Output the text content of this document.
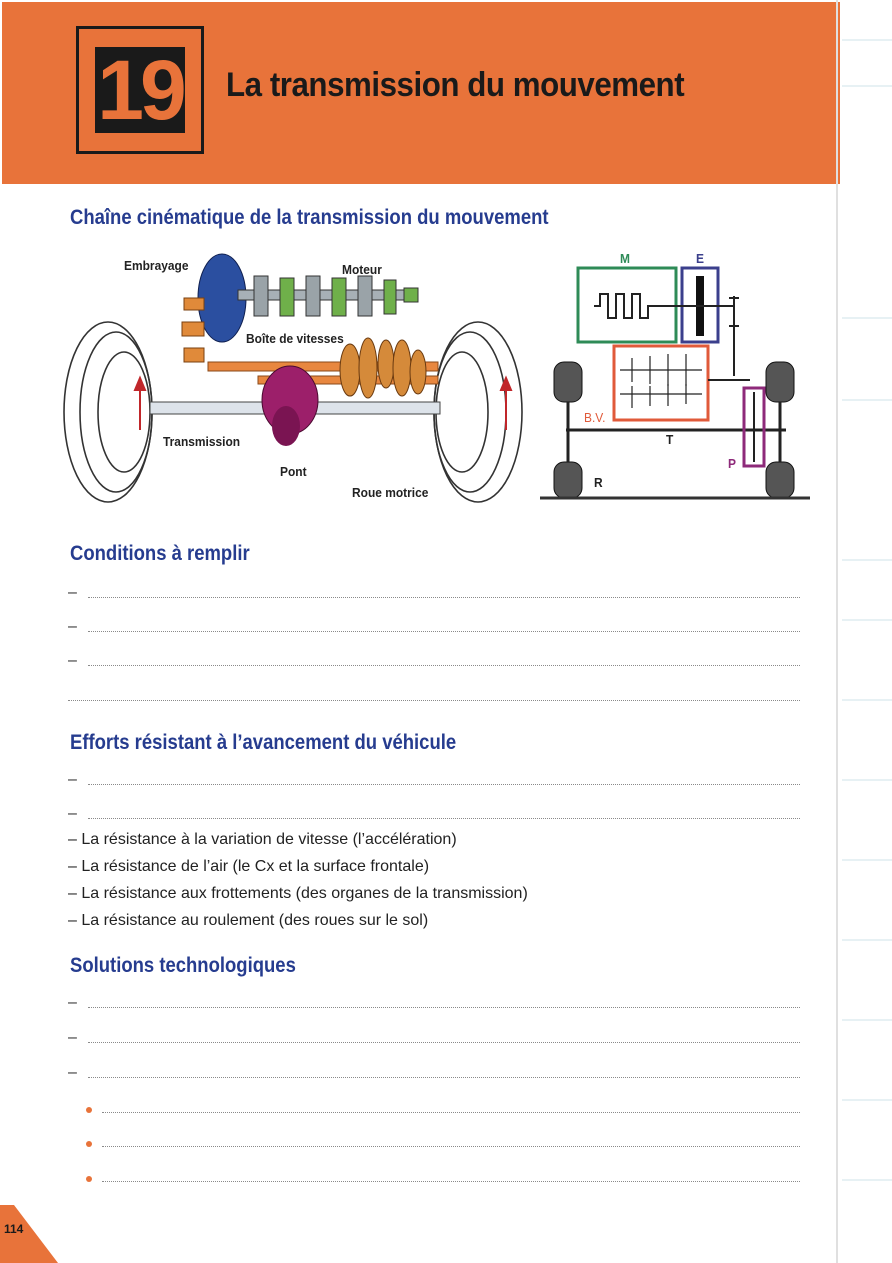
19 La transmission du mouvement
Chaîne cinématique de la transmission du mouvement
Embrayage	Moteur
Boîte de vitesses
Transmission
Pont
Roue motrice
M	E
B.V.
T
P
R
Conditions à remplir
–
–
–
Efforts résistant à l’avancement du véhicule
–
–
– La résistance à la variation de vitesse (l’accélération)
– La résistance de l’air (le Cx et la surface frontale)
– La résistance aux frottements (des organes de la transmission)
– La résistance au roulement (des roues sur le sol)
Solutions technologiques
–
–
–
114
